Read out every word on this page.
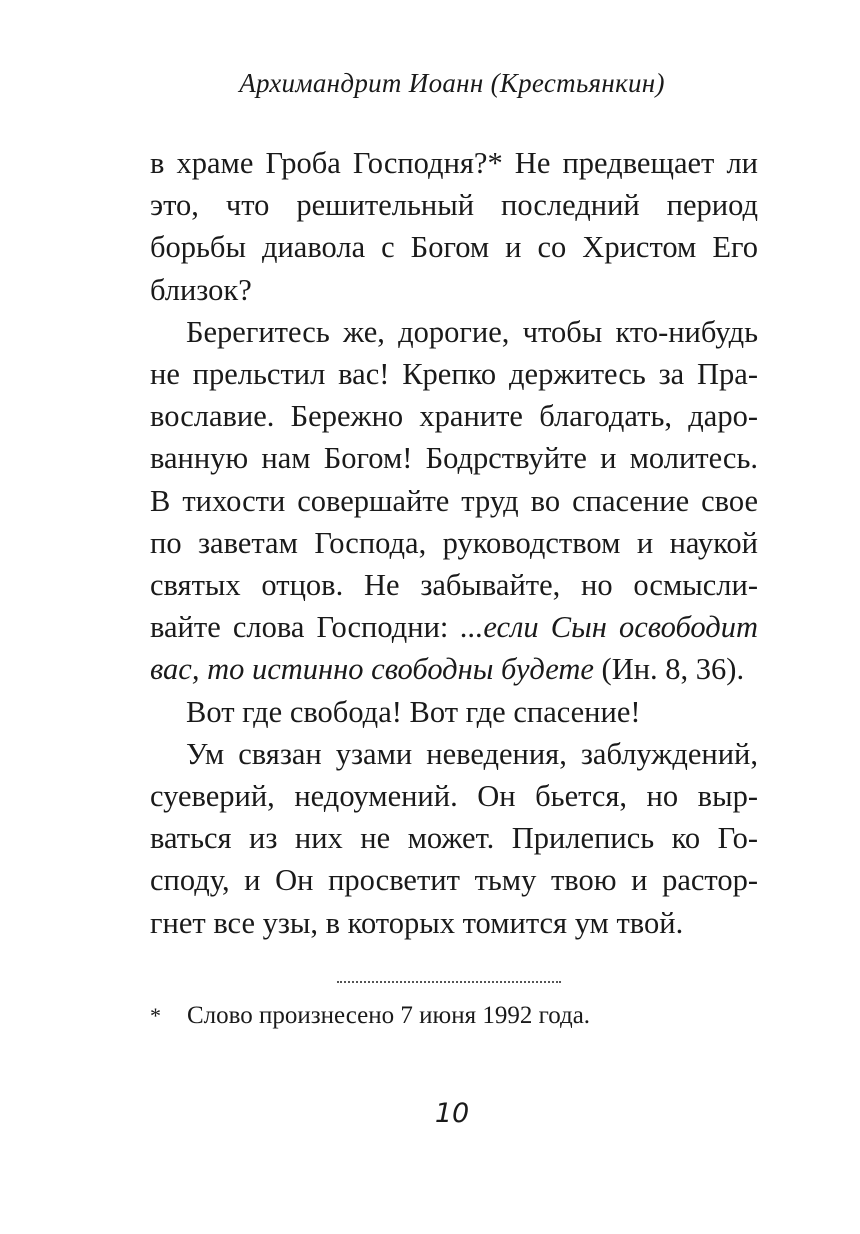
Архимандрит Иоанн (Крестьянкин)
в храме Гроба Господня?* Не предвещает ли
это, что решительный последний период
борьбы диавола с Богом и со Христом Его
близок?
Берегитесь же, дорогие, чтобы кто-нибудь
не прельстил вас! Крепко держитесь за Пра-
вославие. Бережно храните благодать, даро-
ванную нам Богом! Бодрствуйте и молитесь.
В тихости совершайте труд во спасение свое
по заветам Господа, руководством и наукой
святых отцов. Не забывайте, но осмысли-
вайте слова Господни: ...если Сын освободит
вас, то истинно свободны будете (Ин. 8, 36).
Вот где свобода! Вот где спасение!
Ум связан узами неведения, заблуждений,
суеверий, недоумений. Он бьется, но выр-
ваться из них не может. Прилепись ко Го-
споду, и Он просветит тьму твою и растор-
гнет все узы, в которых томится ум твой.
* Слово произнесено 7 июня 1992 года.
10
